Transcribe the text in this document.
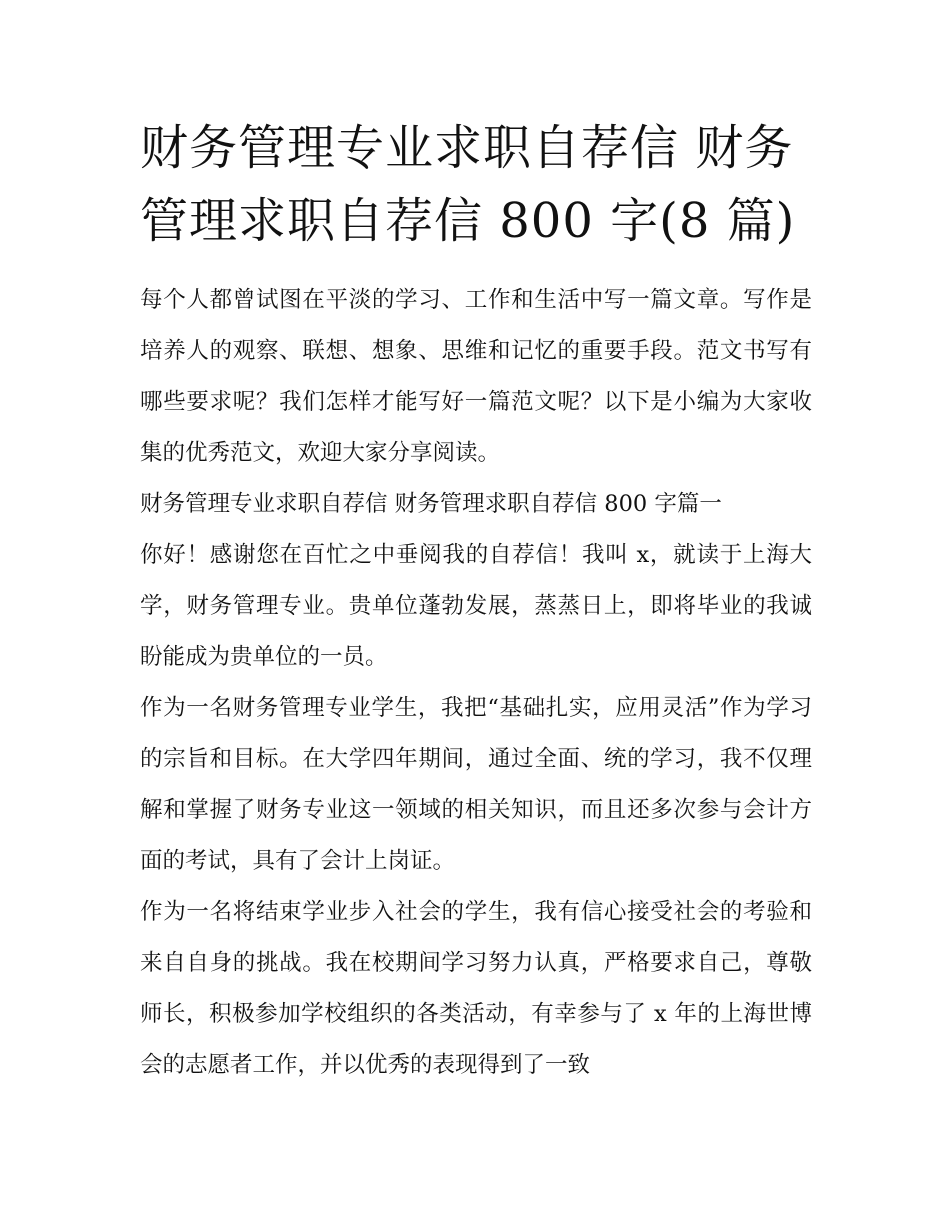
财务管理专业求职自荐信 财务管理求职自荐信 800 字(8 篇)

每个人都曾试图在平淡的学习、工作和生活中写一篇文章。写作是培养人的观察、联想、想象、思维和记忆的重要手段。范文书写有哪些要求呢？我们怎样才能写好一篇范文呢？以下是小编为大家收集的优秀范文，欢迎大家分享阅读。

财务管理专业求职自荐信 财务管理求职自荐信 800 字篇一

你好！感谢您在百忙之中垂阅我的自荐信！我叫 x，就读于上海大学，财务管理专业。贵单位蓬勃发展，蒸蒸日上，即将毕业的我诚盼能成为贵单位的一员。

作为一名财务管理专业学生，我把“基础扎实，应用灵活”作为学习的宗旨和目标。在大学四年期间，通过全面、统的学习，我不仅理解和掌握了财务专业这一领域的相关知识，而且还多次参与会计方面的考试，具有了会计上岗证。

作为一名将结束学业步入社会的学生，我有信心接受社会的考验和来自自身的挑战。我在校期间学习努力认真，严格要求自己，尊敬师长，积极参加学校组织的各类活动，有幸参与了 x 年的上海世博会的志愿者工作，并以优秀的表现得到了一致
